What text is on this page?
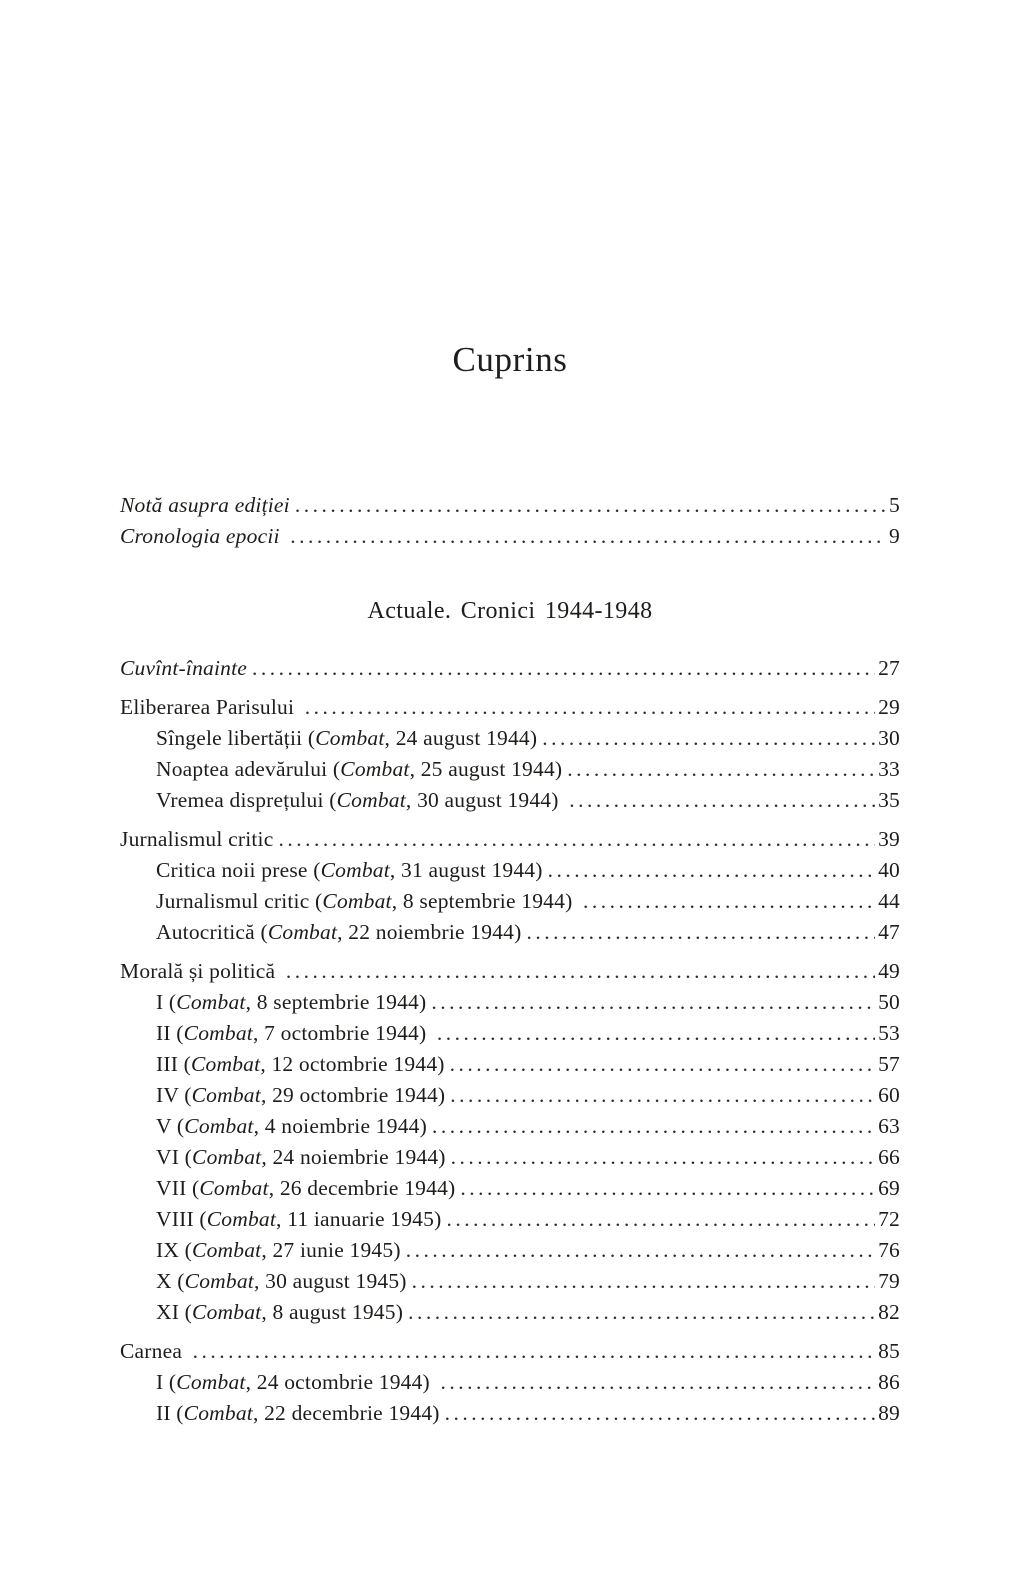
Cuprins
Notă asupra ediției .....	5
Cronologia epocii .....	9
Actuale. Cronici 1944-1948
Cuvînt-înainte .....	27
Eliberarea Parisului .....	29
Sîngele libertății (Combat, 24 august 1944) .....	30
Noaptea adevărului (Combat, 25 august 1944) .....	33
Vremea disprețului (Combat, 30 august 1944) .....	35
Jurnalismul critic .....	39
Critica noii prese (Combat, 31 august 1944) .....	40
Jurnalismul critic (Combat, 8 septembrie 1944) .....	44
Autocritică (Combat, 22 noiembrie 1944) .....	47
Morală și politică .....	49
I (Combat, 8 septembrie 1944) .....	50
II (Combat, 7 octombrie 1944) .....	53
III (Combat, 12 octombrie 1944) .....	57
IV (Combat, 29 octombrie 1944) .....	60
V (Combat, 4 noiembrie 1944) .....	63
VI (Combat, 24 noiembrie 1944) .....	66
VII (Combat, 26 decembrie 1944) .....	69
VIII (Combat, 11 ianuarie 1945) .....	72
IX (Combat, 27 iunie 1945) .....	76
X (Combat, 30 august 1945) .....	79
XI (Combat, 8 august 1945) .....	82
Carnea .....	85
I (Combat, 24 octombrie 1944) .....	86
II (Combat, 22 decembrie 1944) .....	89
